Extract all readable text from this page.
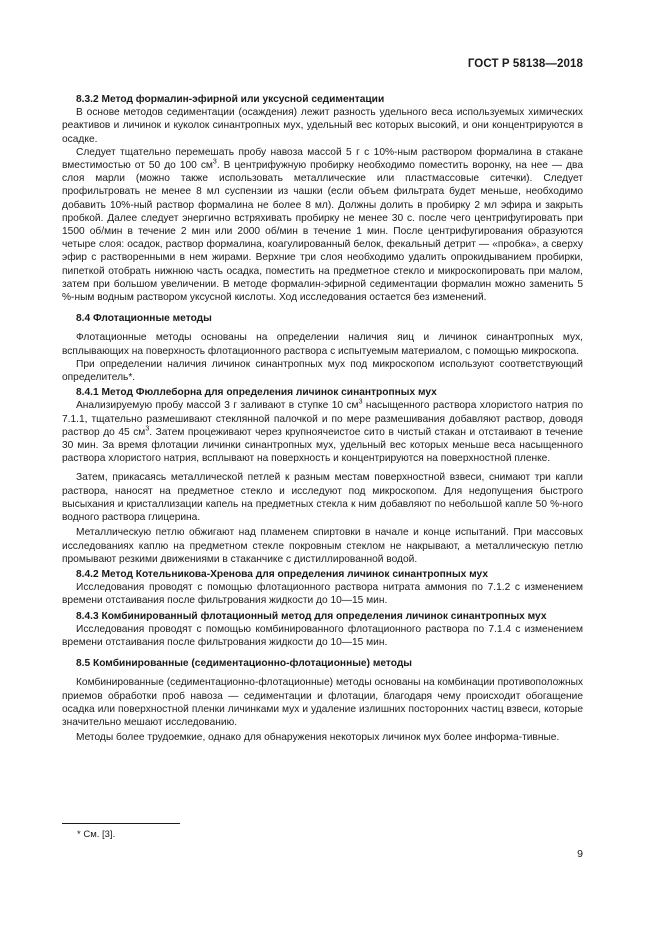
ГОСТ Р 58138—2018

8.3.2 Метод формалин-эфирной или уксусной седиментации

В основе методов седиментации (осаждения) лежит разность удельного веса используемых химических реактивов и личинок и куколок синантропных мух, удельный вес которых высокий, и они концентрируются в осадке.

Следует тщательно перемешать пробу навоза массой 5 г с 10%-ным раствором формалина в стакане вместимостью от 50 до 100 $см^3$. В центрифужную пробирку необходимо поместить воронку, на нее — два слоя марли (можно также использовать металлические или пластмассовые ситечки). Следует профильтровать не менее 8 мл суспензии из чашки (если объем фильтрата будет меньше, необходимо добавить 10%-ный раствор формалина не более 8 мл). Должны долить в пробирку 2 мл эфира и закрыть пробкой. Далее следует энергично встряхивать пробирку не менее 30 с. после чего центрифугировать при 1500 об/мин в течение 2 мин или 2000 об/мин в течение 1 мин. После центрифугирования образуются четыре слоя: осадок, раствор формалина, коагулированный белок, фекальный детрит — «пробка», а сверху эфир с растворенными в нем жирами. Верхние три слоя необходимо удалить опрокидыванием пробирки, пипеткой отобрать нижнюю часть осадка, поместить на предметное стекло и микроскопировать при малом, затем при большом увеличении. В методе формалин-эфирной седиментации формалин можно заменить 5 %-ным водным раствором уксусной кислоты. Ход исследования остается без изменений.

8.4 Флотационные методы

Флотационные методы основаны на определении наличия яиц и личинок синантропных мух, всплывающих на поверхность флотационного раствора с испытуемым материалом, с помощью микроскопа.

При определении наличия личинок синантропных мух под микроскопом используют соответствующий определитель*.

8.4.1 Метод Фюллеборна для определения личинок синантропных мух

Анализируемую пробу массой 3 г заливают в ступке 10 $см^3$ насыщенного раствора хлористого натрия по 7.1.1, тщательно размешивают стеклянной палочкой и по мере размешивания добавляют раствор, доводя раствор до 45 $см^3$. Затем процеживают через крупноячеистое сито в чистый стакан и отстаивают в течение 30 мин. За время флотации личинки синантропных мух, удельный вес которых меньше веса насыщенного раствора хлористого натрия, всплывают на поверхность и концентрируются на поверхностной пленке.

Затем, прикасаясь металлической петлей к разным местам поверхностной взвеси, снимают три капли раствора, наносят на предметное стекло и исследуют под микроскопом. Для недопущения быстрого высыхания и кристаллизации капель на предметных стекла к ним добавляют по небольшой капле 50 %-ного водного раствора глицерина.

Металлическую петлю обжигают над пламенем спиртовки в начале и конце испытаний. При массовых исследованиях каплю на предметном стекле покровным стеклом не накрывают, а металлическую петлю промывают резкими движениями в стаканчике с дистиллированной водой.

8.4.2 Метод Котельникова-Хренова для определения личинок синантропных мух

Исследования проводят с помощью флотационного раствора нитрата аммония по 7.1.2 с изменением времени отстаивания после фильтрования жидкости до 10—15 мин.

8.4.3 Комбинированный флотационный метод для определения личинок синантропных мух

Исследования проводят с помощью комбинированного флотационного раствора по 7.1.4 с изменением времени отстаивания после фильтрования жидкости до 10—15 мин.

8.5 Комбинированные (седиментационно-флотационные) методы

Комбинированные (седиментационно-флотационные) методы основаны на комбинации противоположных приемов обработки проб навоза — седиментации и флотации, благодаря чему происходит обогащение осадка или поверхностной пленки личинками мух и удаление излишних посторонних частиц взвеси, которые значительно мешают исследованию.

Методы более трудоемкие, однако для обнаружения некоторых личинок мух более информа-тивные.

* См. [3].
9
